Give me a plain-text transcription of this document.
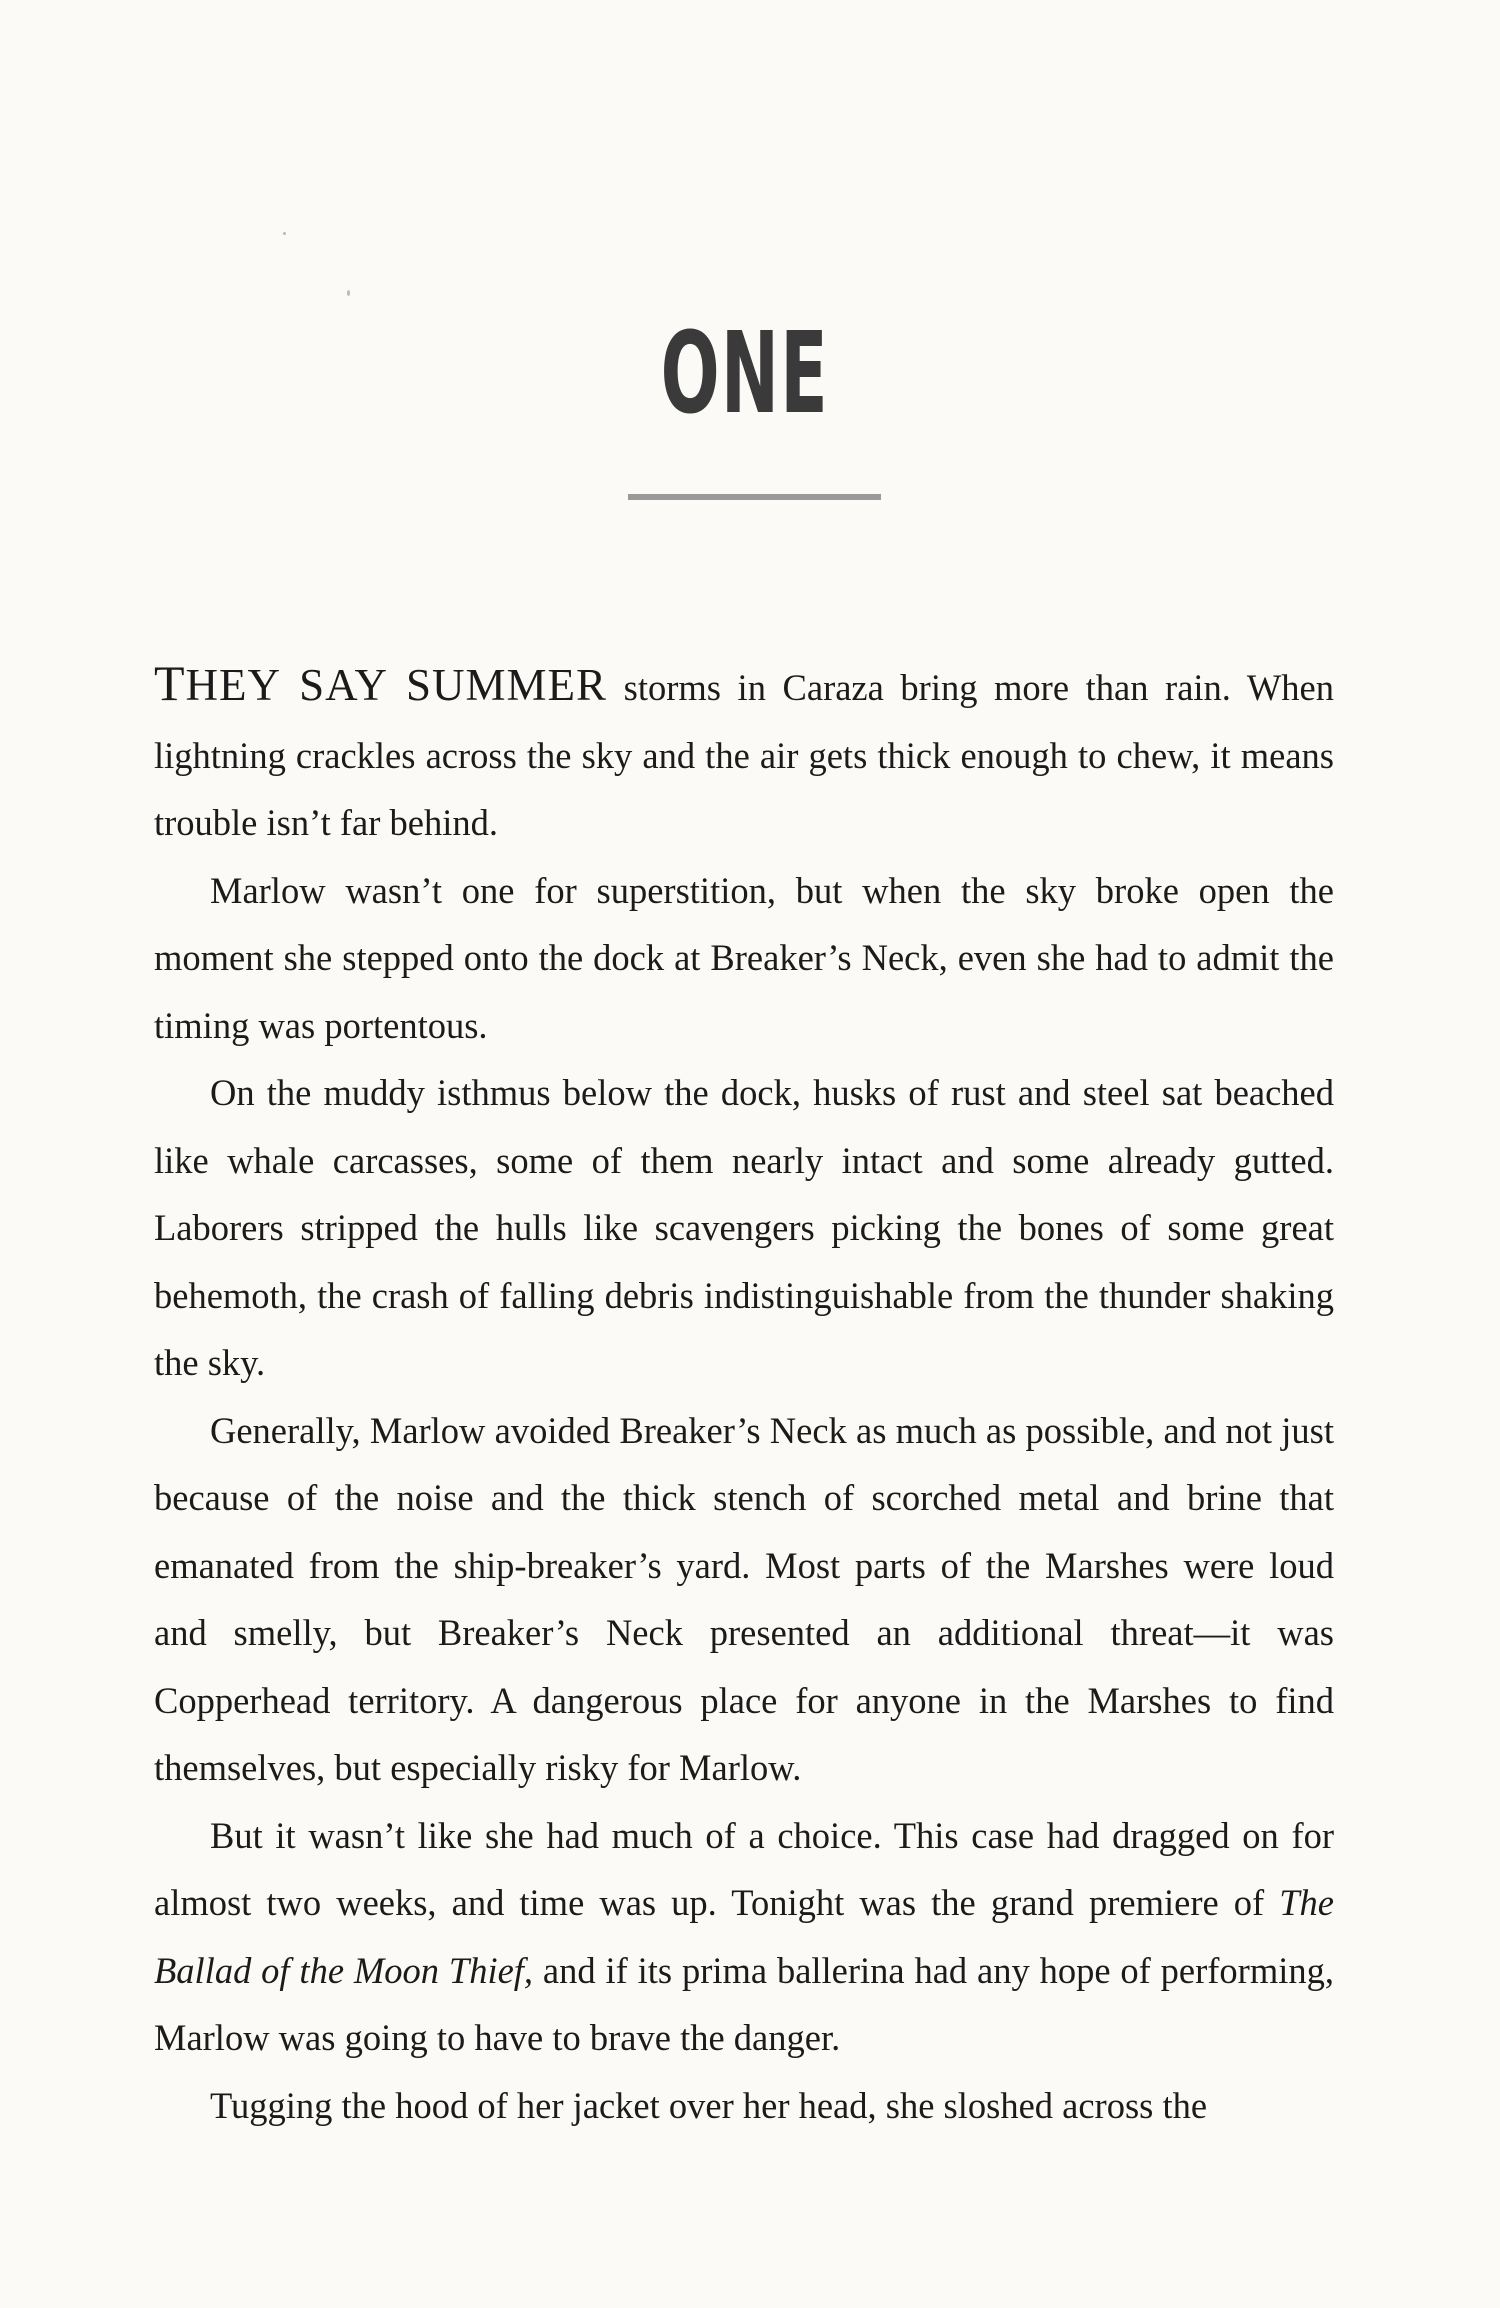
ONE

THEY SAY SUMMER storms in Caraza bring more than rain. When lightning crackles across the sky and the air gets thick enough to chew, it means trouble isn’t far behind.

Marlow wasn’t one for superstition, but when the sky broke open the moment she stepped onto the dock at Breaker’s Neck, even she had to admit the timing was portentous.

On the muddy isthmus below the dock, husks of rust and steel sat beached like whale carcasses, some of them nearly intact and some already gutted. Laborers stripped the hulls like scavengers picking the bones of some great behemoth, the crash of falling debris indistinguishable from the thunder shaking the sky.

Generally, Marlow avoided Breaker’s Neck as much as possible, and not just because of the noise and the thick stench of scorched metal and brine that emanated from the ship-breaker’s yard. Most parts of the Marshes were loud and smelly, but Breaker’s Neck presented an additional threat—it was Copperhead territory. A dangerous place for anyone in the Marshes to find themselves, but especially risky for Marlow.

But it wasn’t like she had much of a choice. This case had dragged on for almost two weeks, and time was up. Tonight was the grand premiere of The Ballad of the Moon Thief, and if its prima ballerina had any hope of performing, Marlow was going to have to brave the danger.

Tugging the hood of her jacket over her head, she sloshed across the
